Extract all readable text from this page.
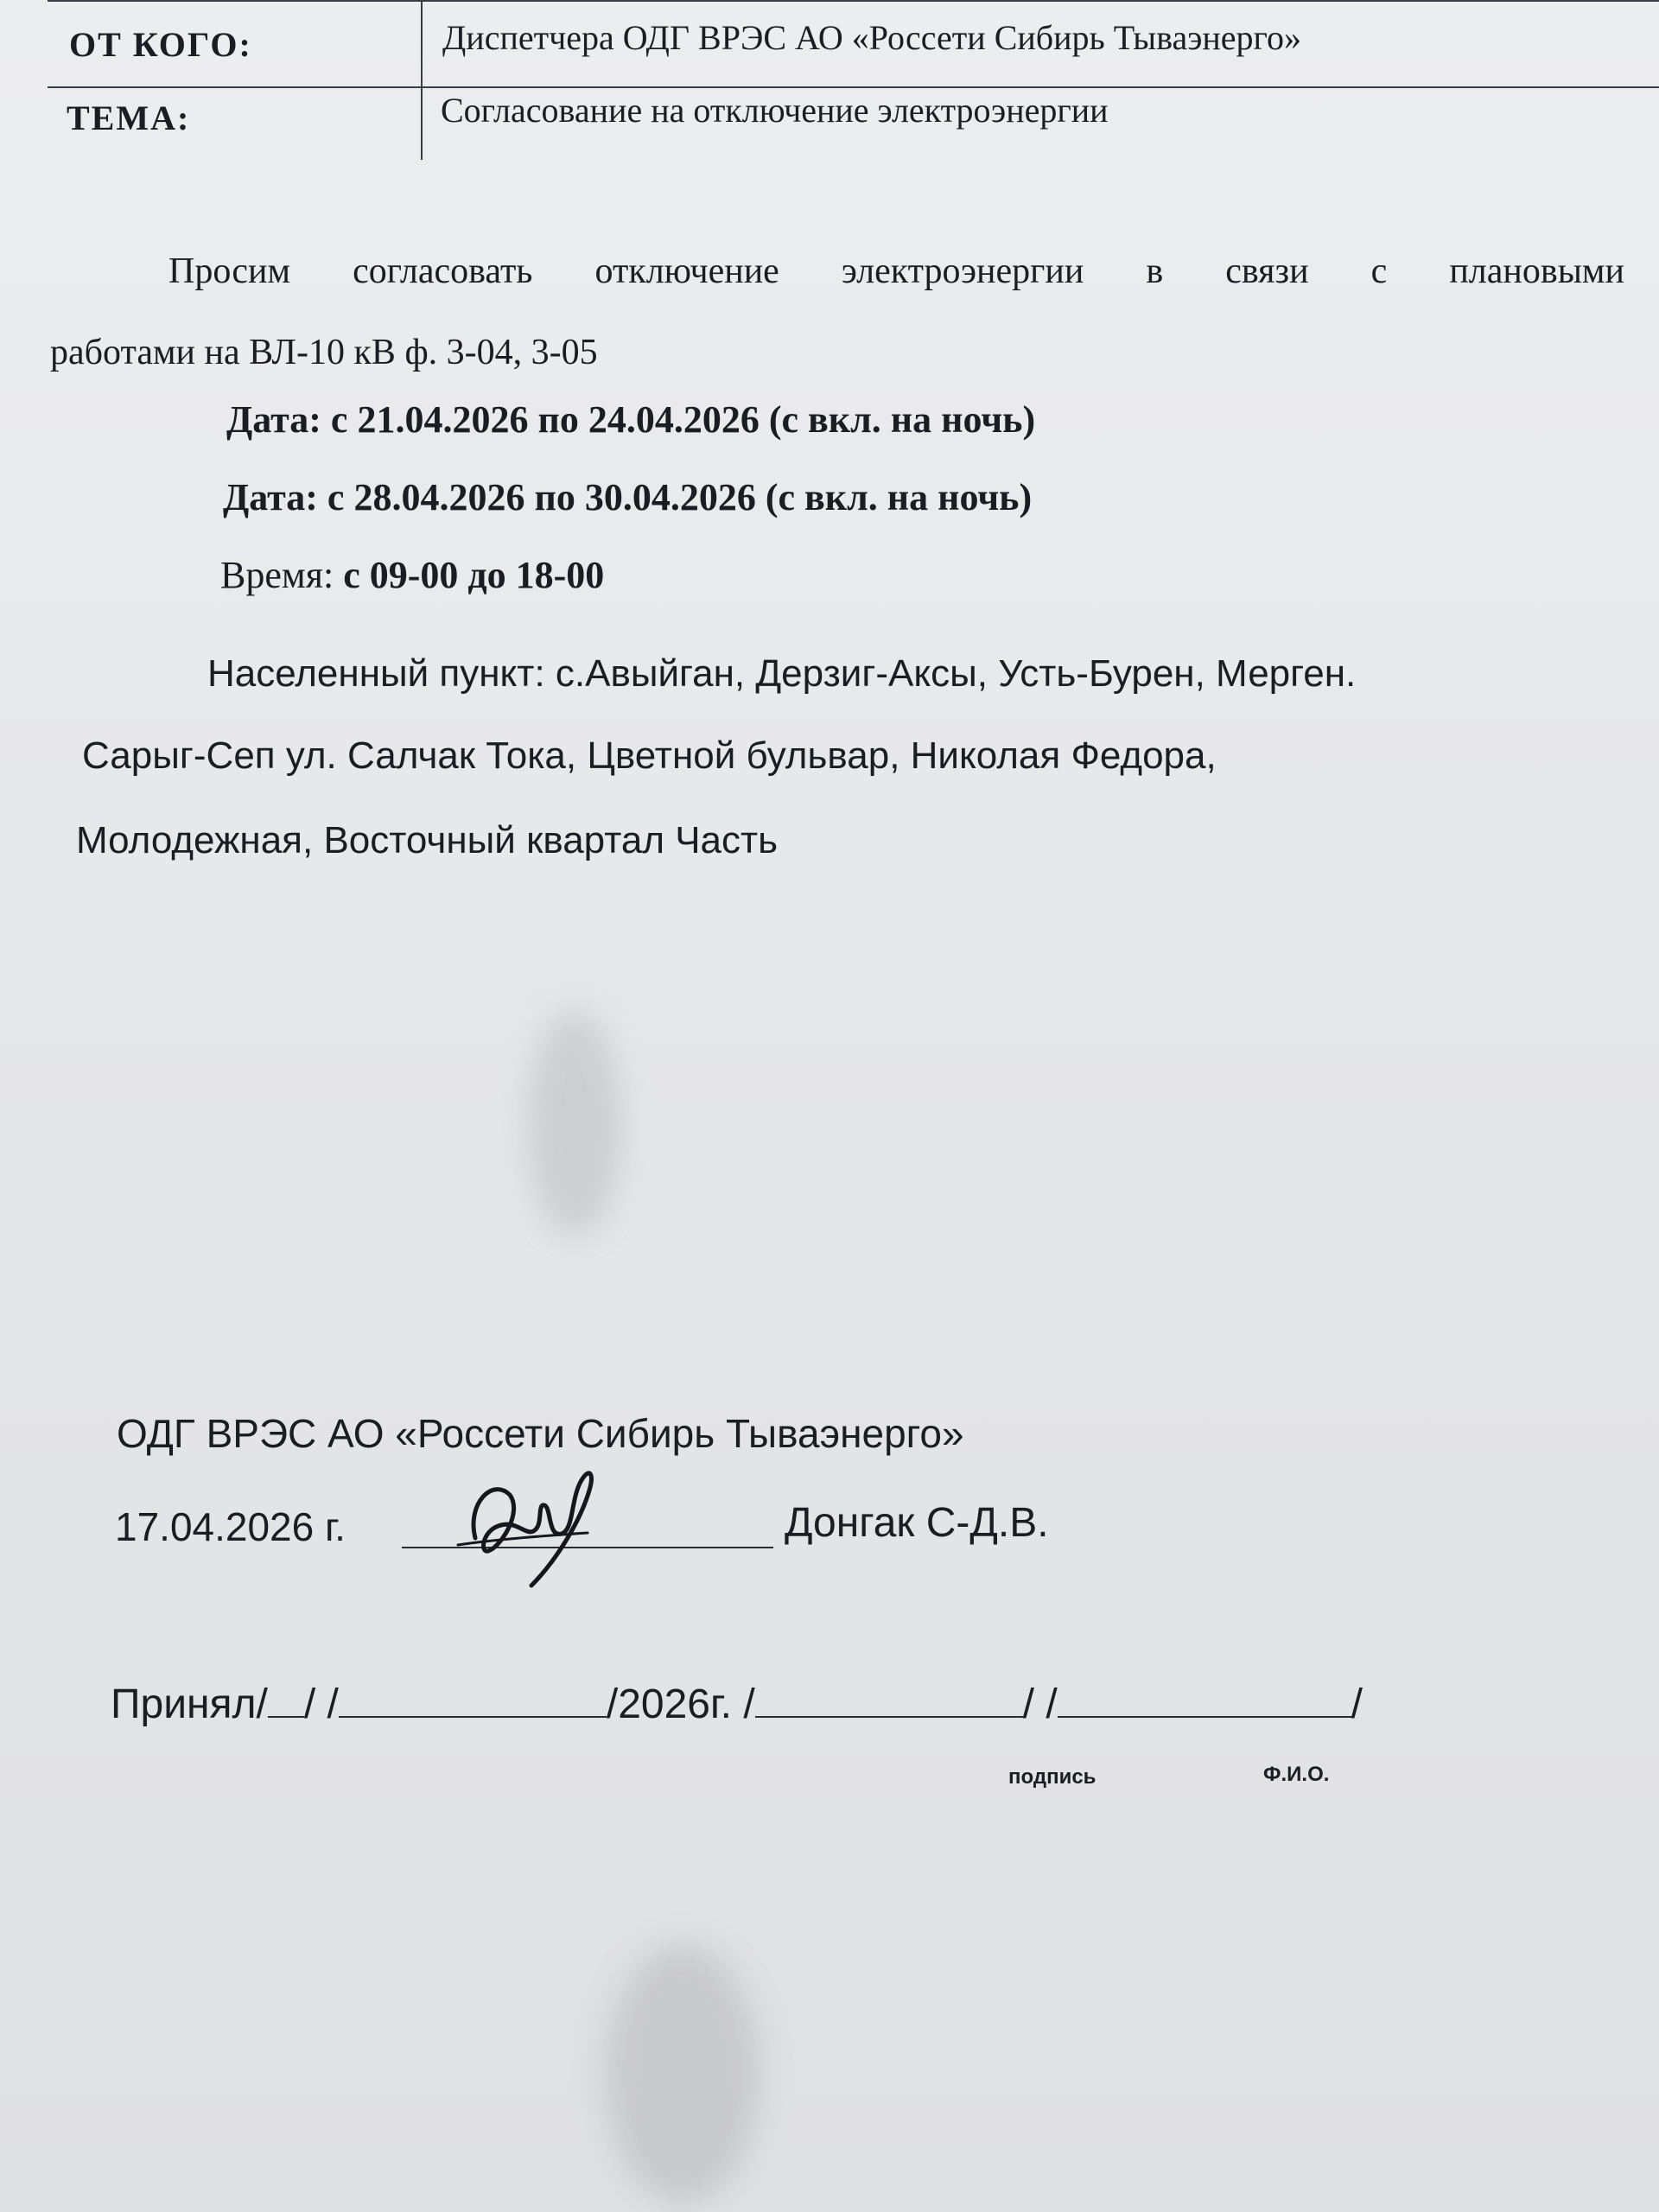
ОТ КОГО:	Диспетчера ОДГ ВРЭС АО «Россети Сибирь Тываэнерго»
ТЕМА:	Согласование на отключение электроэнергии
Просим согласовать отключение электроэнергии в связи с плановыми
работами на ВЛ-10 кВ ф. 3-04, 3-05
Дата: с 21.04.2026 по 24.04.2026 (с вкл. на ночь)
Дата: с 28.04.2026 по 30.04.2026 (с вкл. на ночь)
Время: с 09-00 до 18-00
Населенный пункт: с.Авыйган, Дерзиг-Аксы, Усть-Бурен, Мерген.
Сарыг-Сеп ул. Салчак Тока, Цветной бульвар, Николая Федора,
Молодежная, Восточный квартал Часть
ОДГ ВРЭС АО «Россети Сибирь Тываэнерго»
17.04.2026 г.	Донгак С-Д.В.
Принял/ / /	/2026г. /	/ /	/
подпись	Ф.И.О.
